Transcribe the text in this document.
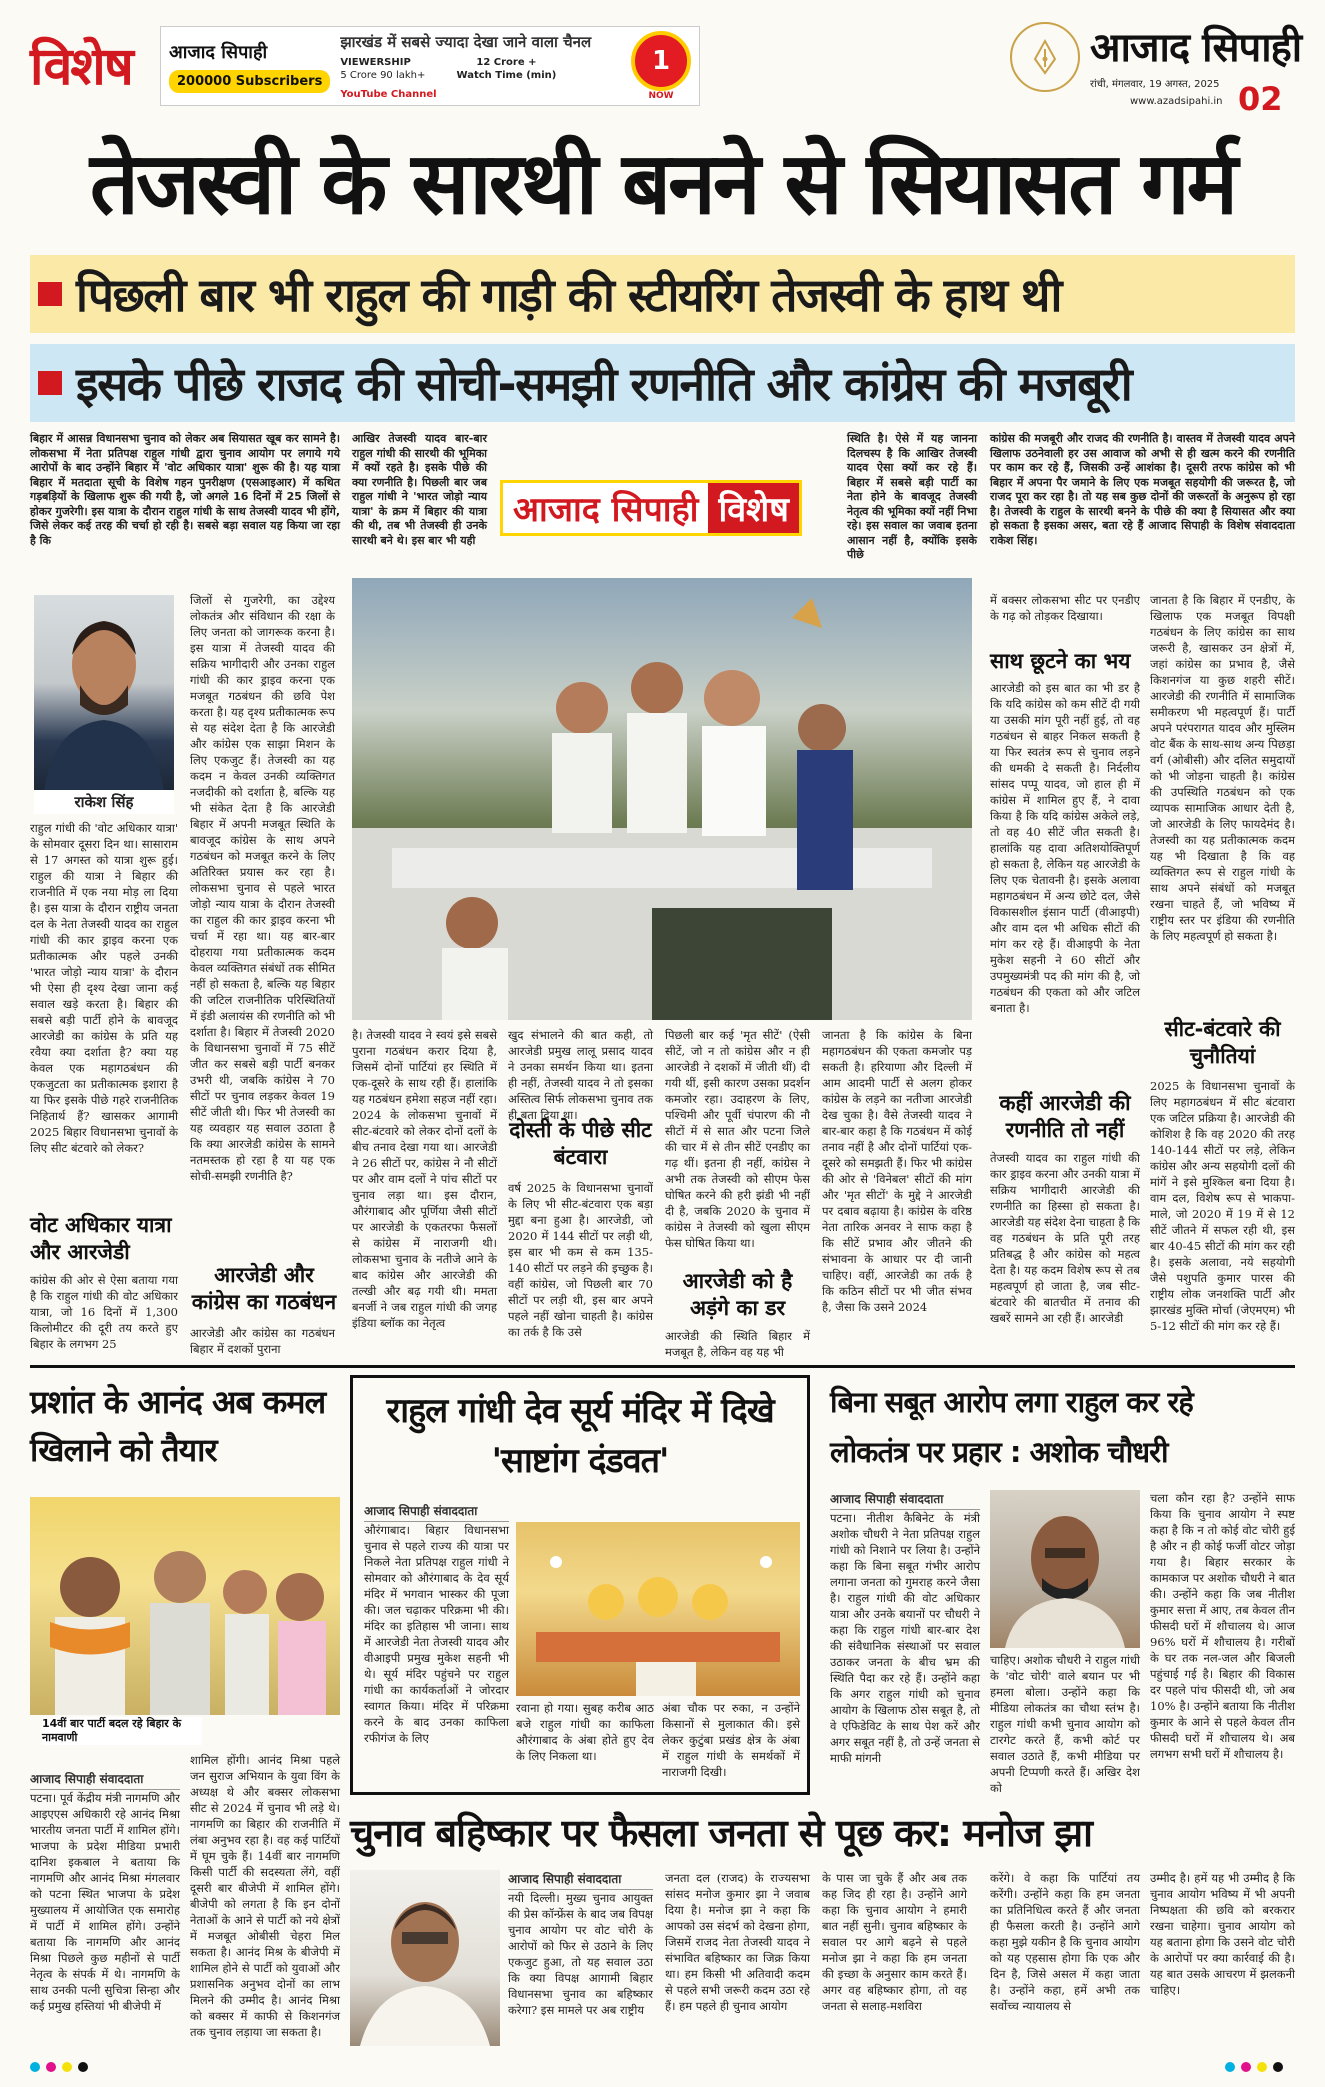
विशेष	आजाद सिपाही
200000 Subscribers
झारखंड में सबसे ज्यादा देखा जाने वाला चैनल
VIEWERSHIP
5 Crore 90 lakh+
YouTube Channel
12 Crore +
Watch Time (min)	1
NOW
आजाद सिपाही
रांची, मंगलवार, 19 अगस्त, 2025
www.azadsipahi.in 02
तेजस्वी के सारथी बनने से सियासत गर्म
पिछली बार भी राहुल की गाड़ी की स्टीयरिंग तेजस्वी के हाथ थी
इसके पीछे राजद की सोची-समझी रणनीति और कांग्रेस की मजबूरी
बिहार में आसन्न विधानसभा चुनाव को लेकर अब सियासत खूब कर सामने है। लोकसभा में नेता प्रतिपक्ष राहुल गांधी द्वारा चुनाव आयोग पर लगाये गये आरोपों के बाद उन्होंने बिहार में 'वोट अधिकार यात्रा' शुरू की है। यह यात्रा बिहार में मतदाता सूची के विशेष गहन पुनरीक्षण (एसआइआर) में कथित गड़बड़ियों के खिलाफ शुरू की गयी है, जो अगले 16 दिनों में 25 जिलों से होकर गुजरेगी। इस यात्रा के दौरान राहुल गांधी के साथ तेजस्वी यादव भी होंगे, जिसे लेकर कई तरह की चर्चा हो रही है। सबसे बड़ा सवाल यह किया जा रहा है कि
आखिर तेजस्वी यादव बार-बार राहुल गांधी की सारथी की भूमिका में क्यों रहते है। इसके पीछे की क्या रणनीति है। पिछली बार जब राहुल गांधी ने 'भारत जोड़ो न्याय यात्रा' के क्रम में बिहार की यात्रा की थी, तब भी तेजस्वी ही उनके सारथी बने थे। इस बार भी यही
स्थिति है। ऐसे में यह जानना दिलचस्प है कि आखिर तेजस्वी यादव ऐसा क्यों कर रहे हैं। बिहार में सबसे बड़ी पार्टी का नेता होने के बावजूद तेजस्वी नेतृत्व की भूमिका क्यों नहीं निभा रहे। इस सवाल का जवाब इतना आसान नहीं है, क्योंकि इसके पीछे
कांग्रेस की मजबूरी और राजद की रणनीति है। वास्तव में तेजस्वी यादव अपने खिलाफ उठनेवाली हर उस आवाज को अभी से ही खत्म करने की रणनीति पर काम कर रहे हैं, जिसकी उन्हें आशंका है। दूसरी तरफ कांग्रेस को भी बिहार में अपना पैर जमाने के लिए एक मजबूत सहयोगी की जरूरत है, जो राजद पूरा कर रहा है। तो यह सब कुछ दोनों की जरूरतों के अनुरूप हो रहा है। तेजस्वी के राहुल के सारथी बनने के पीछे की क्या है सियासत और क्या हो सकता है इसका असर, बता रहे हैं आजाद सिपाही के विशेष संवाददाता राकेश सिंह।
आजाद सिपाही विशेष
राकेश सिंह
राहुल गांधी की 'वोट अधिकार यात्रा' के सोमवार दूसरा दिन था। सासाराम से 17 अगस्त को यात्रा शुरू हुई। राहुल की यात्रा ने बिहार की राजनीति में एक नया मोड़ ला दिया है। इस यात्रा के दौरान राष्ट्रीय जनता दल के नेता तेजस्वी यादव का राहुल गांधी की कार ड्राइव करना एक प्रतीकात्मक और पहले उनकी 'भारत जोड़ो न्याय यात्रा' के दौरान भी ऐसा ही दृश्य देखा जाना कई सवाल खड़े करता है। बिहार की सबसे बड़ी पार्टी होने के बावजूद आरजेडी का कांग्रेस के प्रति यह रवैया क्या दर्शाता है? क्या यह केवल एक महागठबंधन की एकजुटता का प्रतीकात्मक इशारा है या फिर इसके पीछे गहरे राजनीतिक निहितार्थ हैं? खासकर आगामी 2025 बिहार विधानसभा चुनावों के लिए सीट बंटवारे को लेकर?
वोट अधिकार यात्रा और आरजेडी
कांग्रेस की ओर से ऐसा बताया गया है कि राहुल गांधी की वोट अधिकार यात्रा, जो 16 दिनों में 1,300 किलोमीटर की दूरी तय करते हुए बिहार के लगभग 25
जिलों से गुजरेगी, का उद्देश्य लोकतंत्र और संविधान की रक्षा के लिए जनता को जागरूक करना है। इस यात्रा में तेजस्वी यादव की सक्रिय भागीदारी और उनका राहुल गांधी की कार ड्राइव करना एक मजबूत गठबंधन की छवि पेश करता है। यह दृश्य प्रतीकात्मक रूप से यह संदेश देता है कि आरजेडी और कांग्रेस एक साझा मिशन के लिए एकजुट हैं। तेजस्वी का यह कदम न केवल उनकी व्यक्तिगत नजदीकी को दर्शाता है, बल्कि यह भी संकेत देता है कि आरजेडी बिहार में अपनी मजबूत स्थिति के बावजूद कांग्रेस के साथ अपने गठबंधन को मजबूत करने के लिए अतिरिक्त प्रयास कर रहा है। लोकसभा चुनाव से पहले भारत जोड़ो न्याय यात्रा के दौरान तेजस्वी का राहुल की कार ड्राइव करना भी चर्चा में रहा था। यह बार-बार दोहराया गया प्रतीकात्मक कदम केवल व्यक्तिगत संबंधों तक सीमित नहीं हो सकता है, बल्कि यह बिहार की जटिल राजनीतिक परिस्थितियों में इंडी अलायंस की रणनीति को भी दर्शाता है। बिहार में तेजस्वी 2020 के विधानसभा चुनावों में 75 सीटें जीत कर सबसे बड़ी पार्टी बनकर उभरी थी, जबकि कांग्रेस ने 70 सीटों पर चुनाव लड़कर केवल 19 सीटें जीती थी। फिर भी तेजस्वी का यह व्यवहार यह सवाल उठाता है कि क्या आरजेडी कांग्रेस के सामने नतमस्तक हो रहा है या यह एक सोची-समझी रणनीति है?
आरजेडी और कांग्रेस का गठबंधन
आरजेडी और कांग्रेस का गठबंधन बिहार में दशकों पुराना
है। तेजस्वी यादव ने स्वयं इसे सबसे पुराना गठबंधन करार दिया है, जिसमें दोनों पार्टियां हर स्थिति में एक-दूसरे के साथ रही हैं। हालांकि यह गठबंधन हमेशा सहज नहीं रहा। 2024 के लोकसभा चुनावों में सीट-बंटवारे को लेकर दोनों दलों के बीच तनाव देखा गया था। आरजेडी ने 26 सीटों पर, कांग्रेस ने नौ सीटों पर और वाम दलों ने पांच सीटों पर चुनाव लड़ा था। इस दौरान, औरंगाबाद और पूर्णिया जैसी सीटों पर आरजेडी के एकतरफा फैसलों से कांग्रेस में नाराजगी थी। लोकसभा चुनाव के नतीजे आने के बाद कांग्रेस और आरजेडी की तल्खी और बढ़ गयी थी। ममता बनर्जी ने जब राहुल गांधी की जगह इंडिया ब्लॉक का नेतृत्व
खुद संभालने की बात कही, तो आरजेडी प्रमुख लालू प्रसाद यादव ने उनका समर्थन किया था। इतना ही नहीं, तेजस्वी यादव ने तो इसका अस्तित्व सिर्फ लोकसभा चुनाव तक ही बता दिया था।
दोस्ती के पीछे सीट बंटवारा
वर्ष 2025 के विधानसभा चुनावों के लिए भी सीट-बंटवारा एक बड़ा मुद्दा बना हुआ है। आरजेडी, जो 2020 में 144 सीटों पर लड़ी थी, इस बार भी कम से कम 135-140 सीटों पर लड़ने की इच्छुक है। वहीं कांग्रेस, जो पिछली बार 70 सीटों पर लड़ी थी, इस बार अपने पहले नहीं खोना चाहती है। कांग्रेस का तर्क है कि उसे
पिछली बार कई 'मृत सीटें' (ऐसी सीटें, जो न तो कांग्रेस और न ही आरजेडी ने दशकों में जीती थीं) दी गयी थीं, इसी कारण उसका प्रदर्शन कमजोर रहा। उदाहरण के लिए, पश्चिमी और पूर्वी चंपारण की नौ सीटों में से सात और पटना जिले की चार में से तीन सीटें एनडीए का गढ़ थीं। इतना ही नहीं, कांग्रेस ने अभी तक तेजस्वी को सीएम फेस घोषित करने की हरी झंडी भी नहीं दी है, जबकि 2020 के चुनाव में कांग्रेस ने तेजस्वी को खुला सीएम फेस घोषित किया था।
आरजेडी को है अड़ंगे का डर
आरजेडी की स्थिति बिहार में मजबूत है, लेकिन वह यह भी
जानता है कि कांग्रेस के बिना महागठबंधन की एकता कमजोर पड़ सकती है। हरियाणा और दिल्ली में आम आदमी पार्टी से अलग होकर कांग्रेस के लड़ने का नतीजा आरजेडी देख चुका है। वैसे तेजस्वी यादव ने बार-बार कहा है कि गठबंधन में कोई तनाव नहीं है और दोनों पार्टियां एक-दूसरे को समझती हैं। फिर भी कांग्रेस की ओर से 'विनेबल' सीटों की मांग और 'मृत सीटों' के मुद्दे ने आरजेडी पर दबाव बढ़ाया है। कांग्रेस के वरिष्ठ नेता तारिक अनवर ने साफ कहा है कि सीटें प्रभाव और जीतने की संभावना के आधार पर दी जानी चाहिए। वहीं, आरजेडी का तर्क है कि कठिन सीटों पर भी जीत संभव है, जैसा कि उसने 2024
में बक्सर लोकसभा सीट पर एनडीए के गढ़ को तोड़कर दिखाया।
साथ छूटने का भय
आरजेडी को इस बात का भी डर है कि यदि कांग्रेस को कम सीटें दी गयी या उसकी मांग पूरी नहीं हुई, तो वह गठबंधन से बाहर निकल सकती है या फिर स्वतंत्र रूप से चुनाव लड़ने की धमकी दे सकती है। निर्दलीय सांसद पप्पू यादव, जो हाल ही में कांग्रेस में शामिल हुए हैं, ने दावा किया है कि यदि कांग्रेस अकेले लड़े, तो वह 40 सीटें जीत सकती है। हालांकि यह दावा अतिशयोक्तिपूर्ण हो सकता है, लेकिन यह आरजेडी के लिए एक चेतावनी है। इसके अलावा महागठबंधन में अन्य छोटे दल, जैसे विकासशील इंसान पार्टी (वीआइपी) और वाम दल भी अधिक सीटों की मांग कर रहे हैं। वीआइपी के नेता मुकेश सहनी ने 60 सीटों और उपमुख्यमंत्री पद की मांग की है, जो गठबंधन की एकता को और जटिल बनाता है।
कहीं आरजेडी की रणनीति तो नहीं
तेजस्वी यादव का राहुल गांधी की कार ड्राइव करना और उनकी यात्रा में सक्रिय भागीदारी आरजेडी की रणनीति का हिस्सा हो सकता है। आरजेडी यह संदेश देना चाहता है कि वह गठबंधन के प्रति पूरी तरह प्रतिबद्ध है और कांग्रेस को महत्व देता है। यह कदम विशेष रूप से तब महत्वपूर्ण हो जाता है, जब सीट-बंटवारे की बातचीत में तनाव की खबरें सामने आ रही हैं। आरजेडी
जानता है कि बिहार में एनडीए, के खिलाफ एक मजबूत विपक्षी गठबंधन के लिए कांग्रेस का साथ जरूरी है, खासकर उन क्षेत्रों में, जहां कांग्रेस का प्रभाव है, जैसे किशनगंज या कुछ शहरी सीटें। आरजेडी की रणनीति में सामाजिक समीकरण भी महत्वपूर्ण हैं। पार्टी अपने परंपरागत यादव और मुस्लिम वोट बैंक के साथ-साथ अन्य पिछड़ा वर्ग (ओबीसी) और दलित समुदायों को भी जोड़ना चाहती है। कांग्रेस की उपस्थिति गठबंधन को एक व्यापक सामाजिक आधार देती है, जो आरजेडी के लिए फायदेमंद है। तेजस्वी का यह प्रतीकात्मक कदम यह भी दिखाता है कि वह व्यक्तिगत रूप से राहुल गांधी के साथ अपने संबंधों को मजबूत रखना चाहते हैं, जो भविष्य में राष्ट्रीय स्तर पर इंडिया की रणनीति के लिए महत्वपूर्ण हो सकता है।
सीट-बंटवारे की चुनौतियां
2025 के विधानसभा चुनावों के लिए महागठबंधन में सीट बंटवारा एक जटिल प्रक्रिया है। आरजेडी की कोशिश है कि वह 2020 की तरह 140-144 सीटों पर लड़े, लेकिन कांग्रेस और अन्य सहयोगी दलों की मांगें ने इसे मुश्किल बना दिया है। वाम दल, विशेष रूप से भाकपा-माले, जो 2020 में 19 में से 12 सीटें जीतने में सफल रही थी, इस बार 40-45 सीटों की मांग कर रही है। इसके अलावा, नये सहयोगी जैसे पशुपति कुमार पारस की राष्ट्रीय लोक जनशक्ति पार्टी और झारखंड मुक्ति मोर्चा (जेएमएम) भी 5-12 सीटों की मांग कर रहे हैं।
प्रशांत के आनंद अब कमल खिलाने को तैयार
14वीं बार पार्टी बदल रहे बिहार के नामवाणी
आजाद सिपाही संवाददाता
पटना। पूर्व केंद्रीय मंत्री नागमणि और आइएएस अधिकारी रहे आनंद मिश्रा भारतीय जनता पार्टी में शामिल होंगे। भाजपा के प्रदेश मीडिया प्रभारी दानिश इकबाल ने बताया कि नागमणि और आनंद मिश्रा मंगलवार को पटना स्थित भाजपा के प्रदेश मुख्यालय में आयोजित एक समारोह में पार्टी में शामिल होंगे। उन्होंने बताया कि नागमणि और आनंद मिश्रा पिछले कुछ महीनों से पार्टी नेतृत्व के संपर्क में थे। नागमणि के साथ उनकी पत्नी सुचित्रा सिन्हा और कई प्रमुख हस्तियां भी बीजेपी में
शामिल होंगी। आनंद मिश्रा पहले जन सुराज अभियान के युवा विंग के अध्यक्ष थे और बक्सर लोकसभा सीट से 2024 में चुनाव भी लड़े थे। नागमणि का बिहार की राजनीति में लंबा अनुभव रहा है। वह कई पार्टियों में घूम चुके हैं। 14वीं बार नागमणि किसी पार्टी की सदस्यता लेंगे, वहीं दूसरी बार बीजेपी में शामिल होंगे। बीजेपी को लगता है कि इन दोनों नेताओं के आने से पार्टी को नये क्षेत्रों में मजबूत ओबीसी चेहरा मिल सकता है। आनंद मिश्र के बीजेपी में शामिल होने से पार्टी को युवाओं और प्रशासनिक अनुभव दोनों का लाभ मिलने की उम्मीद है। आनंद मिश्रा को बक्सर में काफी से किशनगंज तक चुनाव लड़ाया जा सकता है।
राहुल गांधी देव सूर्य मंदिर में दिखे 'साष्टांग दंडवत'
आजाद सिपाही संवाददाता
औरंगाबाद। बिहार विधानसभा चुनाव से पहले राज्य की यात्रा पर निकले नेता प्रतिपक्ष राहुल गांधी ने सोमवार को औरंगाबाद के देव सूर्य मंदिर में भगवान भास्कर की पूजा की। जल चढ़ाकर परिक्रमा भी की। मंदिर का इतिहास भी जाना। साथ में आरजेडी नेता तेजस्वी यादव और वीआइपी प्रमुख मुकेश सहनी भी थे। सूर्य मंदिर पहुंचने पर राहुल गांधी का कार्यकर्ताओं ने जोरदार स्वागत किया। मंदिर में परिक्रमा करने के बाद उनका काफिला रफीगंज के लिए
रवाना हो गया। सुबह करीब आठ बजे राहुल गांधी का काफिला औरंगाबाद के अंबा होते हुए देव के लिए निकला था।
अंबा चौक पर रुका, न उन्होंने किसानों से मुलाकात की। इसे लेकर कुटुंबा प्रखंड क्षेत्र के अंबा में राहुल गांधी के समर्थकों में नाराजगी दिखी।
बिना सबूत आरोप लगा राहुल कर रहे
लोकतंत्र पर प्रहार : अशोक चौधरी
आजाद सिपाही संवाददाता
पटना। नीतीश कैबिनेट के मंत्री अशोक चौधरी ने नेता प्रतिपक्ष राहुल गांधी को निशाने पर लिया है। उन्होंने कहा कि बिना सबूत गंभीर आरोप लगाना जनता को गुमराह करने जैसा है। राहुल गांधी की वोट अधिकार यात्रा और उनके बयानों पर चौधरी ने कहा कि राहुल गांधी बार-बार देश की संवैधानिक संस्थाओं पर सवाल उठाकर जनता के बीच भ्रम की स्थिति पैदा कर रहे हैं। उन्होंने कहा कि अगर राहुल गांधी को चुनाव आयोग के खिलाफ ठोस सबूत है, तो वे एफिडेविट के साथ पेश करें और अगर सबूत नहीं है, तो उन्हें जनता से माफी मांगनी
चाहिए। अशोक चौधरी ने राहुल गांधी के 'वोट चोरी' वाले बयान पर भी हमला बोला। उन्होंने कहा कि मीडिया लोकतंत्र का चौथा स्तंभ है। राहुल गांधी कभी चुनाव आयोग को टारगेट करते हैं, कभी कोर्ट पर सवाल उठाते हैं, कभी मीडिया पर अपनी टिप्पणी करते हैं। अखिर देश को
चला कौन रहा है? उन्होंने साफ किया कि चुनाव आयोग ने स्पष्ट कहा है कि न तो कोई वोट चोरी हुई है और न ही कोई फर्जी वोटर जोड़ा गया है। बिहार सरकार के कामकाज पर अशोक चौधरी ने बात की। उन्होंने कहा कि जब नीतीश कुमार सत्ता में आए, तब केवल तीन फीसदी घरों में शौचालय थे। आज 96% घरों में शौचालय है। गरीबों के घर तक नल-जल और बिजली पहुंचाई गई है। बिहार की विकास दर पहले पांच फीसदी थी, जो अब 10% है। उन्होंने बताया कि नीतीश कुमार के आने से पहले केवल तीन फीसदी घरों में शौचालय थे। अब लगभग सभी घरों में शौचालय है।
चुनाव बहिष्कार पर फैसला जनता से पूछ कर: मनोज झा
आजाद सिपाही संवाददाता
नयी दिल्ली। मुख्य चुनाव आयुक्त की प्रेस कॉन्फ्रेंस के बाद जब विपक्ष चुनाव आयोग पर वोट चोरी के आरोपों को फिर से उठाने के लिए एकजुट हुआ, तो यह सवाल उठा कि क्या विपक्ष आगामी बिहार विधानसभा चुनाव का बहिष्कार करेगा? इस मामले पर अब राष्ट्रीय
जनता दल (राजद) के राज्यसभा सांसद मनोज कुमार झा ने जवाब दिया है। मनोज झा ने कहा कि आपको उस संदर्भ को देखना होगा, जिसमें राजद नेता तेजस्वी यादव ने संभावित बहिष्कार का जिक्र किया था। हम किसी भी अतिवादी कदम से पहले सभी जरूरी कदम उठा रहे हैं। हम पहले ही चुनाव आयोग
के पास जा चुके हैं और अब तक कह जिद ही रहा है। उन्होंने आगे कहा कि चुनाव आयोग ने हमारी बात नहीं सुनी। चुनाव बहिष्कार के सवाल पर आगे बढ़ने से पहले मनोज झा ने कहा कि हम जनता की इच्छा के अनुसार काम करते हैं। अगर वह बहिष्कार होगा, तो वह जनता से सलाह-मशविरा
करेंगे। वे कहा कि पार्टियां तय करेंगी। उन्होंने कहा कि हम जनता का प्रतिनिधित्व करते हैं और जनता ही फैसला करती है। उन्होंने आगे कहा मुझे यकीन है कि चुनाव आयोग को यह एहसास होगा कि एक और दिन है, जिसे असल में कहा जाता है। उन्होंने कहा, हमें अभी तक सर्वोच्च न्यायालय से
उम्मीद है। हमें यह भी उम्मीद है कि चुनाव आयोग भविष्य में भी अपनी निष्पक्षता की छवि को बरकरार रखना चाहेगा। चुनाव आयोग को यह बताना होगा कि उसने वोट चोरी के आरोपों पर क्या कार्रवाई की है। यह बात उसके आचरण में झलकनी चाहिए।
